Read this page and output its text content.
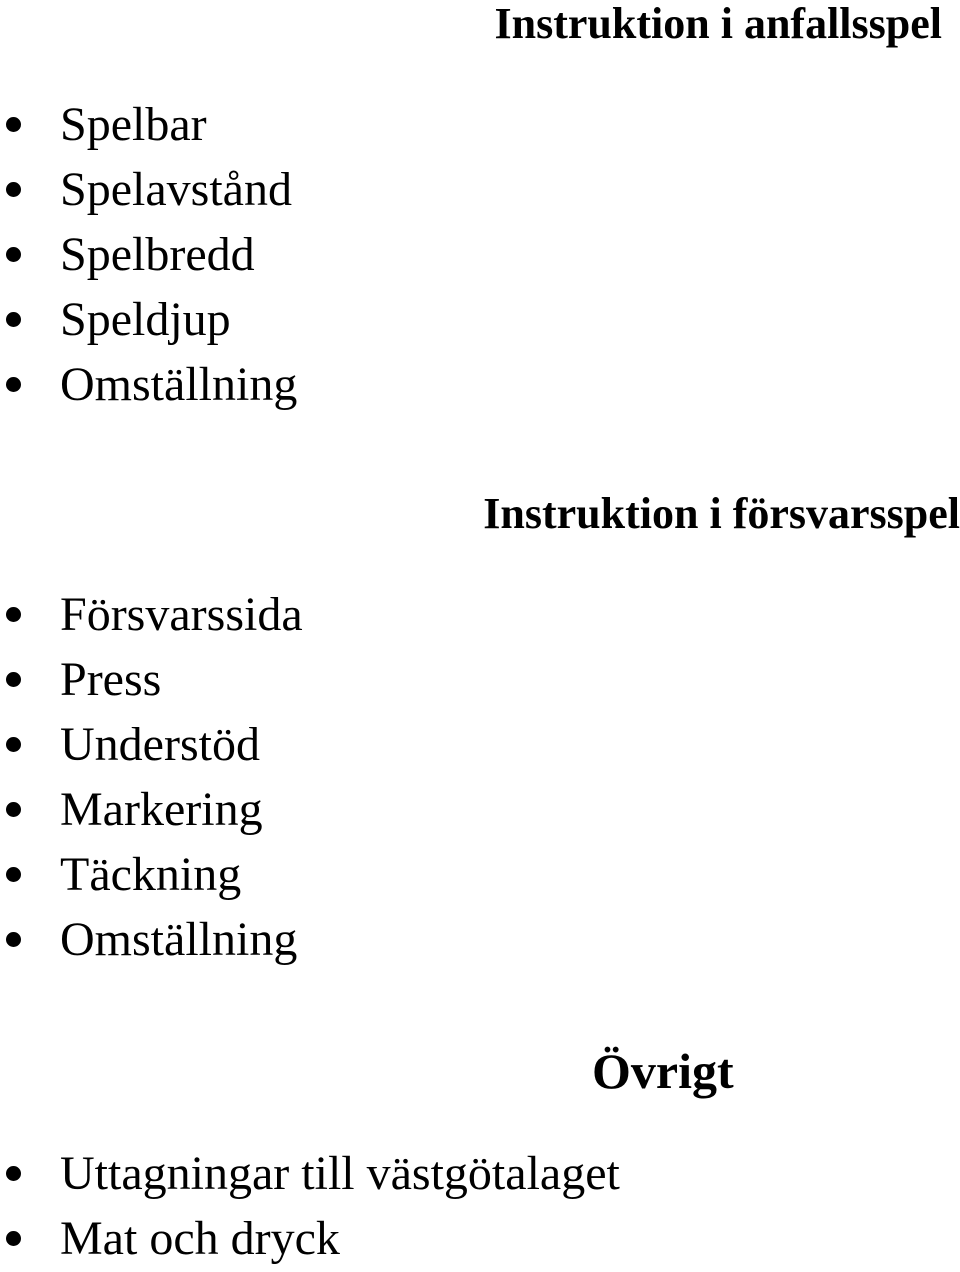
Instruktion i anfallsspel
Spelbar
Spelavstånd
Spelbredd
Speldjup
Omställning
Instruktion i försvarsspel
Försvarssida
Press
Understöd
Markering
Täckning
Omställning
Övrigt
Uttagningar till västgötalaget
Mat och dryck
